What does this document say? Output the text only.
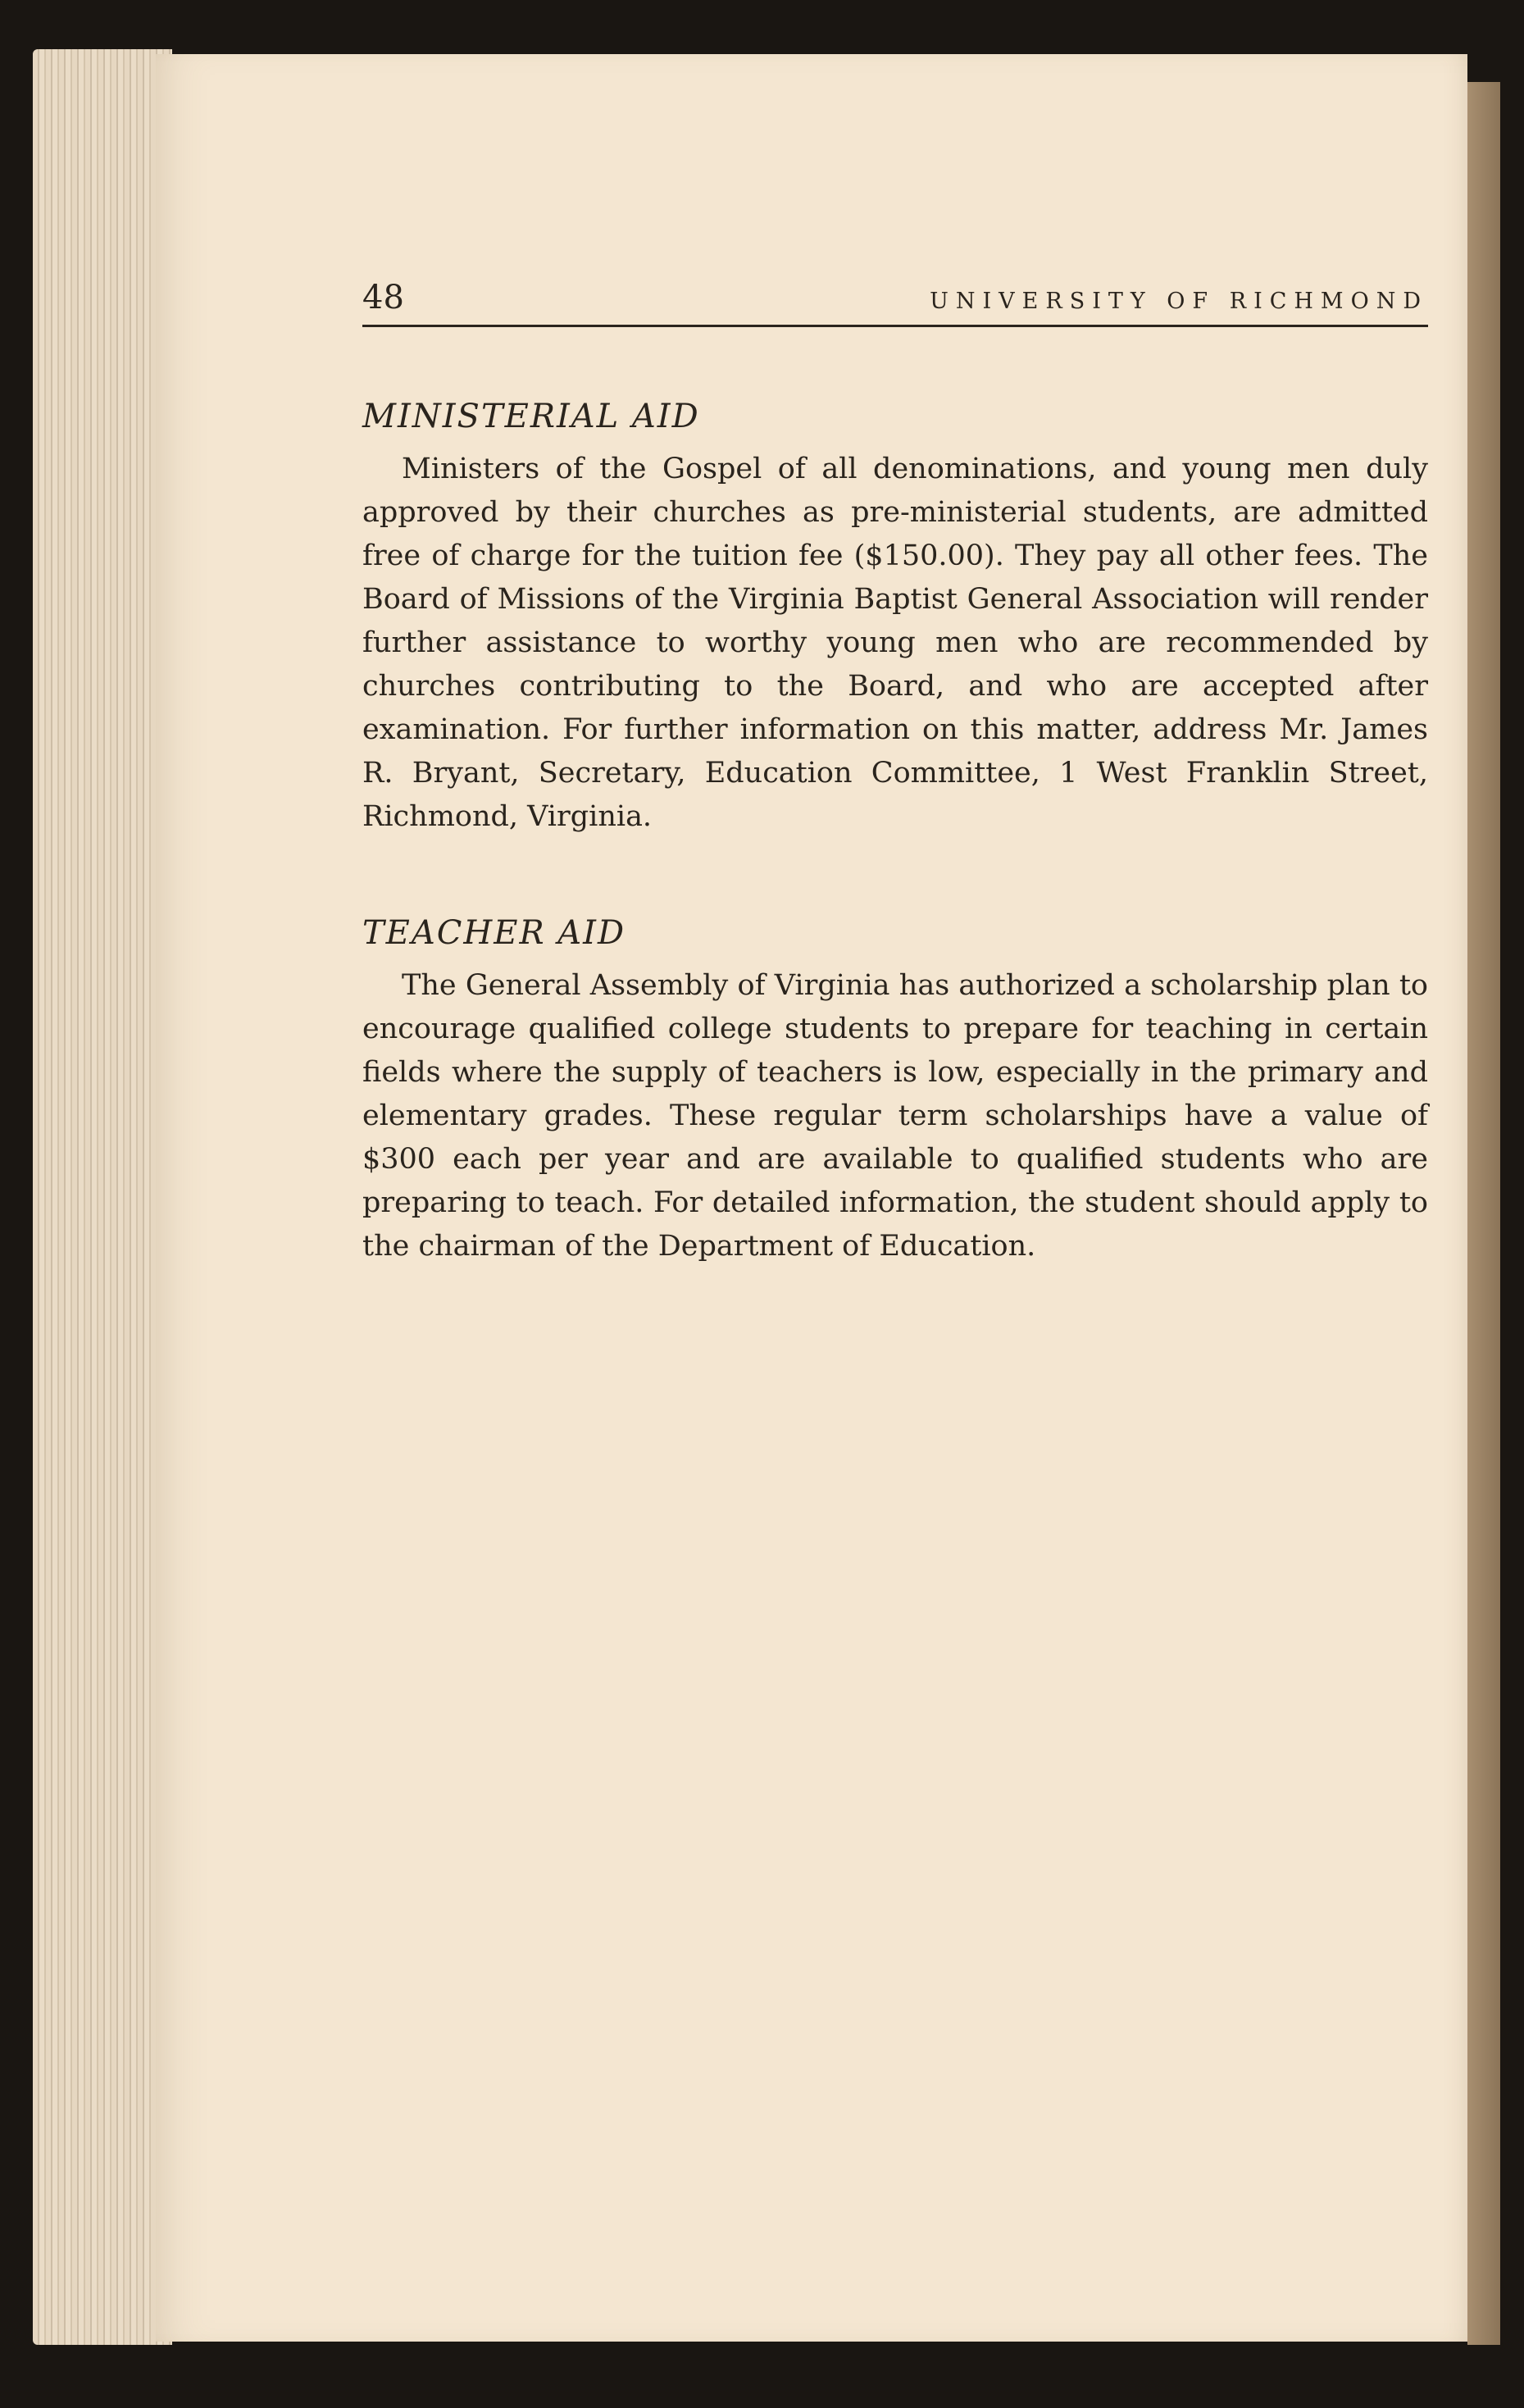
48	UNIVERSITY OF RICHMOND
MINISTERIAL AID

Ministers of the Gospel of all denominations, and young men duly approved by their churches as pre-ministerial students, are admitted free of charge for the tuition fee ($150.00). They pay all other fees. The Board of Missions of the Virginia Baptist General Association will render further assistance to worthy young men who are recommended by churches contributing to the Board, and who are accepted after examination. For further information on this matter, address Mr. James R. Bryant, Secretary, Education Committee, 1 West Franklin Street, Richmond, Virginia.

TEACHER AID

The General Assembly of Virginia has authorized a scholarship plan to encourage qualified college students to prepare for teaching in certain fields where the supply of teachers is low, especially in the primary and elementary grades. These regular term scholarships have a value of $300 each per year and are available to qualified students who are preparing to teach. For detailed information, the student should apply to the chairman of the Department of Education.
